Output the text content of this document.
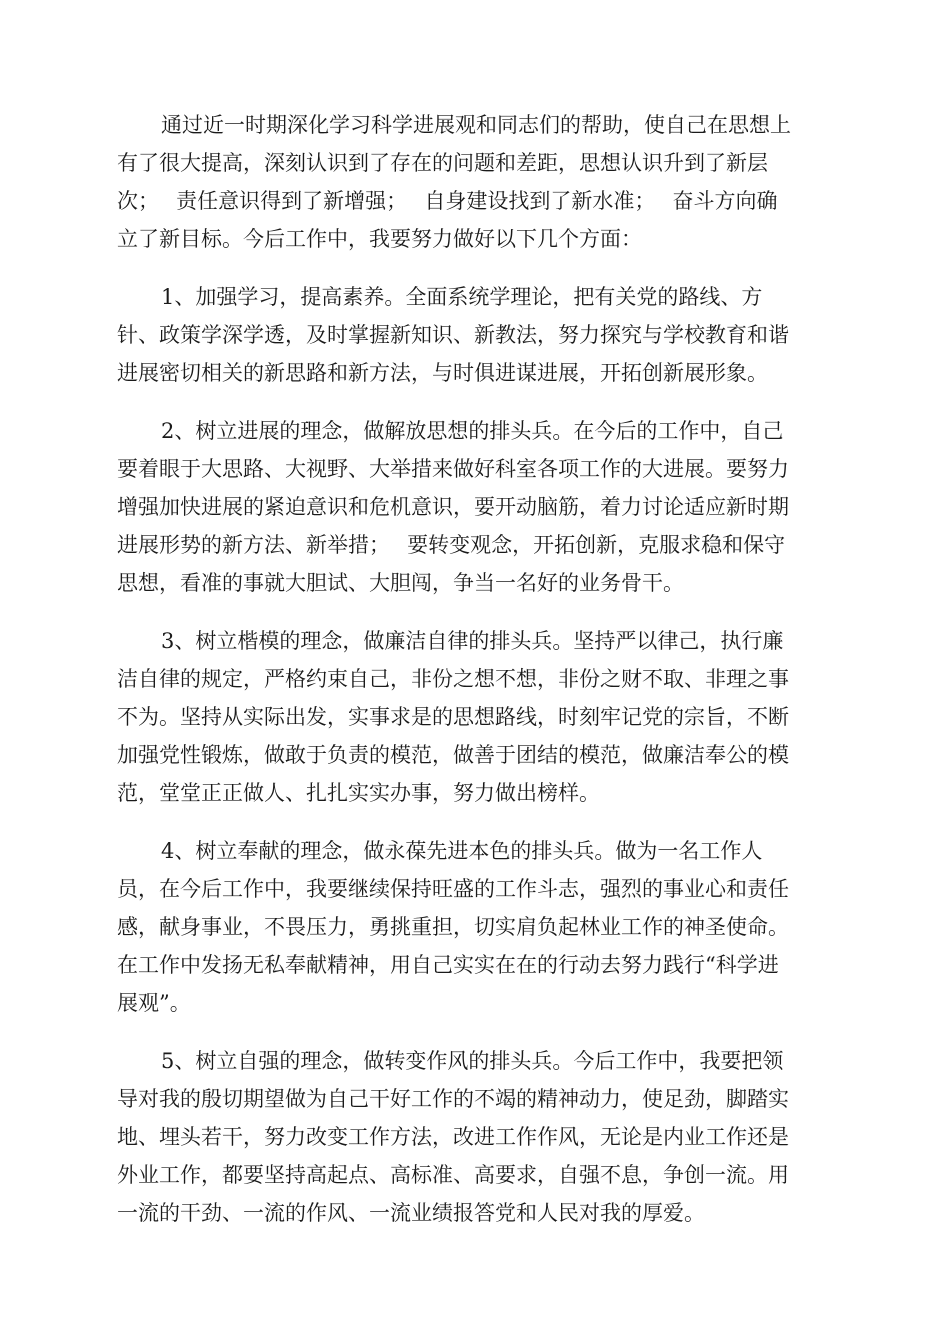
通过近一时期深化学习科学进展观和同志们的帮助，使自己在思想上
有了很大提高，深刻认识到了存在的问题和差距，思想认识升到了新层
次；　 责任意识得到了新增强；　 自身建设找到了新水准；　 奋斗方向确
立了新目标。今后工作中，我要努力做好以下几个方面：
1、加强学习，提高素养。全面系统学理论，把有关党的路线、方
针、政策学深学透，及时掌握新知识、新教法，努力探究与学校教育和谐
进展密切相关的新思路和新方法，与时俱进谋进展，开拓创新展形象。
2、树立进展的理念，做解放思想的排头兵。在今后的工作中，自己
要着眼于大思路、大视野、大举措来做好科室各项工作的大进展。要努力
增强加快进展的紧迫意识和危机意识，要开动脑筋，着力讨论适应新时期
进展形势的新方法、新举措；　 要转变观念，开拓创新，克服求稳和保守
思想，看准的事就大胆试、大胆闯，争当一名好的业务骨干。
3、树立楷模的理念，做廉洁自律的排头兵。坚持严以律己，执行廉
洁自律的规定，严格约束自己，非份之想不想，非份之财不取、非理之事
不为。坚持从实际出发，实事求是的思想路线，时刻牢记党的宗旨，不断
加强党性锻炼，做敢于负责的模范，做善于团结的模范，做廉洁奉公的模
范，堂堂正正做人、扎扎实实办事，努力做出榜样。
4、树立奉献的理念，做永葆先进本色的排头兵。做为一名工作人
员，在今后工作中，我要继续保持旺盛的工作斗志，强烈的事业心和责任
感，献身事业，不畏压力，勇挑重担，切实肩负起林业工作的神圣使命。
在工作中发扬无私奉献精神，用自己实实在在的行动去努力践行“科学进
展观”。
5、树立自强的理念，做转变作风的排头兵。今后工作中，我要把领
导对我的殷切期望做为自己干好工作的不竭的精神动力，使足劲，脚踏实
地、埋头若干，努力改变工作方法，改进工作作风，无论是内业工作还是
外业工作，都要坚持高起点、高标准、高要求，自强不息，争创一流。用
一流的干劲、一流的作风、一流业绩报答党和人民对我的厚爱。
